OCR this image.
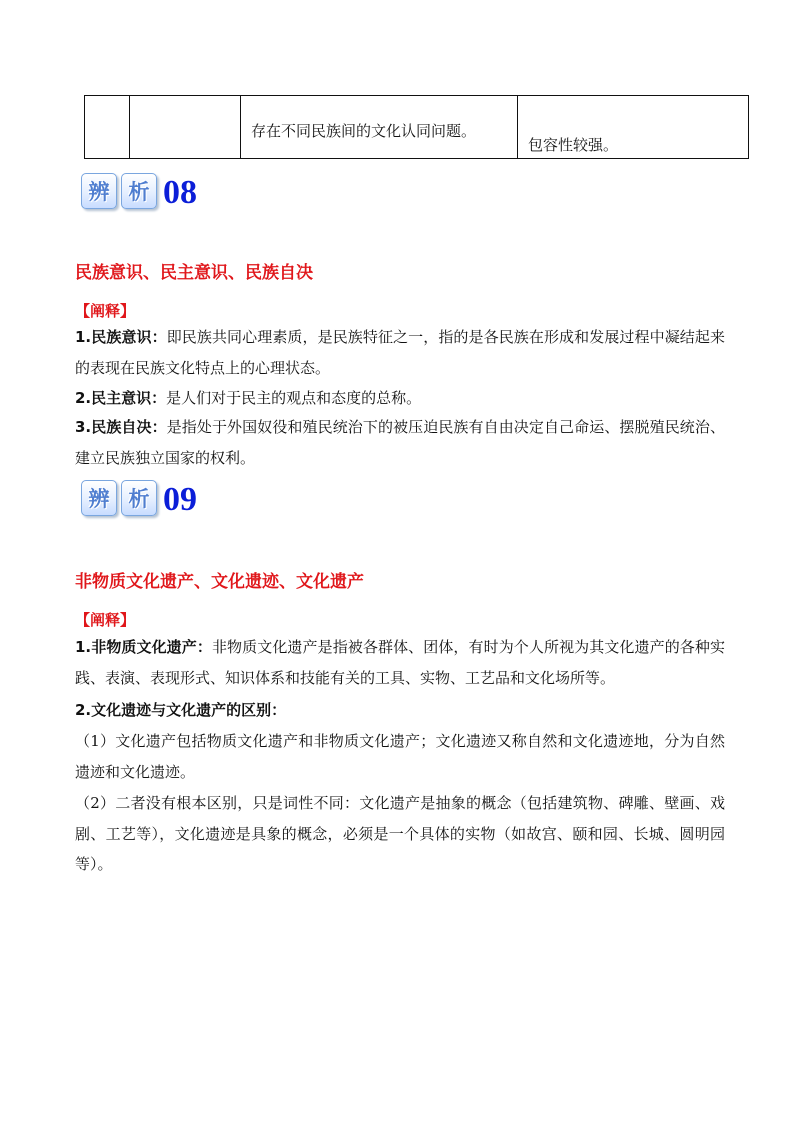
		存在不同民族间的文化认同问题。	包容性较强。
辨 析 08
民族意识、民主意识、民族自决
【阐释】
1.民族意识：即民族共同心理素质，是民族特征之一，指的是各民族在形成和发展过程中凝结起来的表现在民族文化特点上的心理状态。
2.民主意识：是人们对于民主的观点和态度的总称。
3.民族自决：是指处于外国奴役和殖民统治下的被压迫民族有自由决定自己命运、摆脱殖民统治、建立民族独立国家的权利。
辨 析 09
非物质文化遗产、文化遗迹、文化遗产
【阐释】
1.非物质文化遗产：非物质文化遗产是指被各群体、团体，有时为个人所视为其文化遗产的各种实践、表演、表现形式、知识体系和技能有关的工具、实物、工艺品和文化场所等。
2.文化遗迹与文化遗产的区别：
（1）文化遗产包括物质文化遗产和非物质文化遗产；文化遗迹又称自然和文化遗迹地，分为自然遗迹和文化遗迹。
（2）二者没有根本区别，只是词性不同：文化遗产是抽象的概念（包括建筑物、碑雕、壁画、戏剧、工艺等），文化遗迹是具象的概念，必须是一个具体的实物（如故宫、颐和园、长城、圆明园等）。
